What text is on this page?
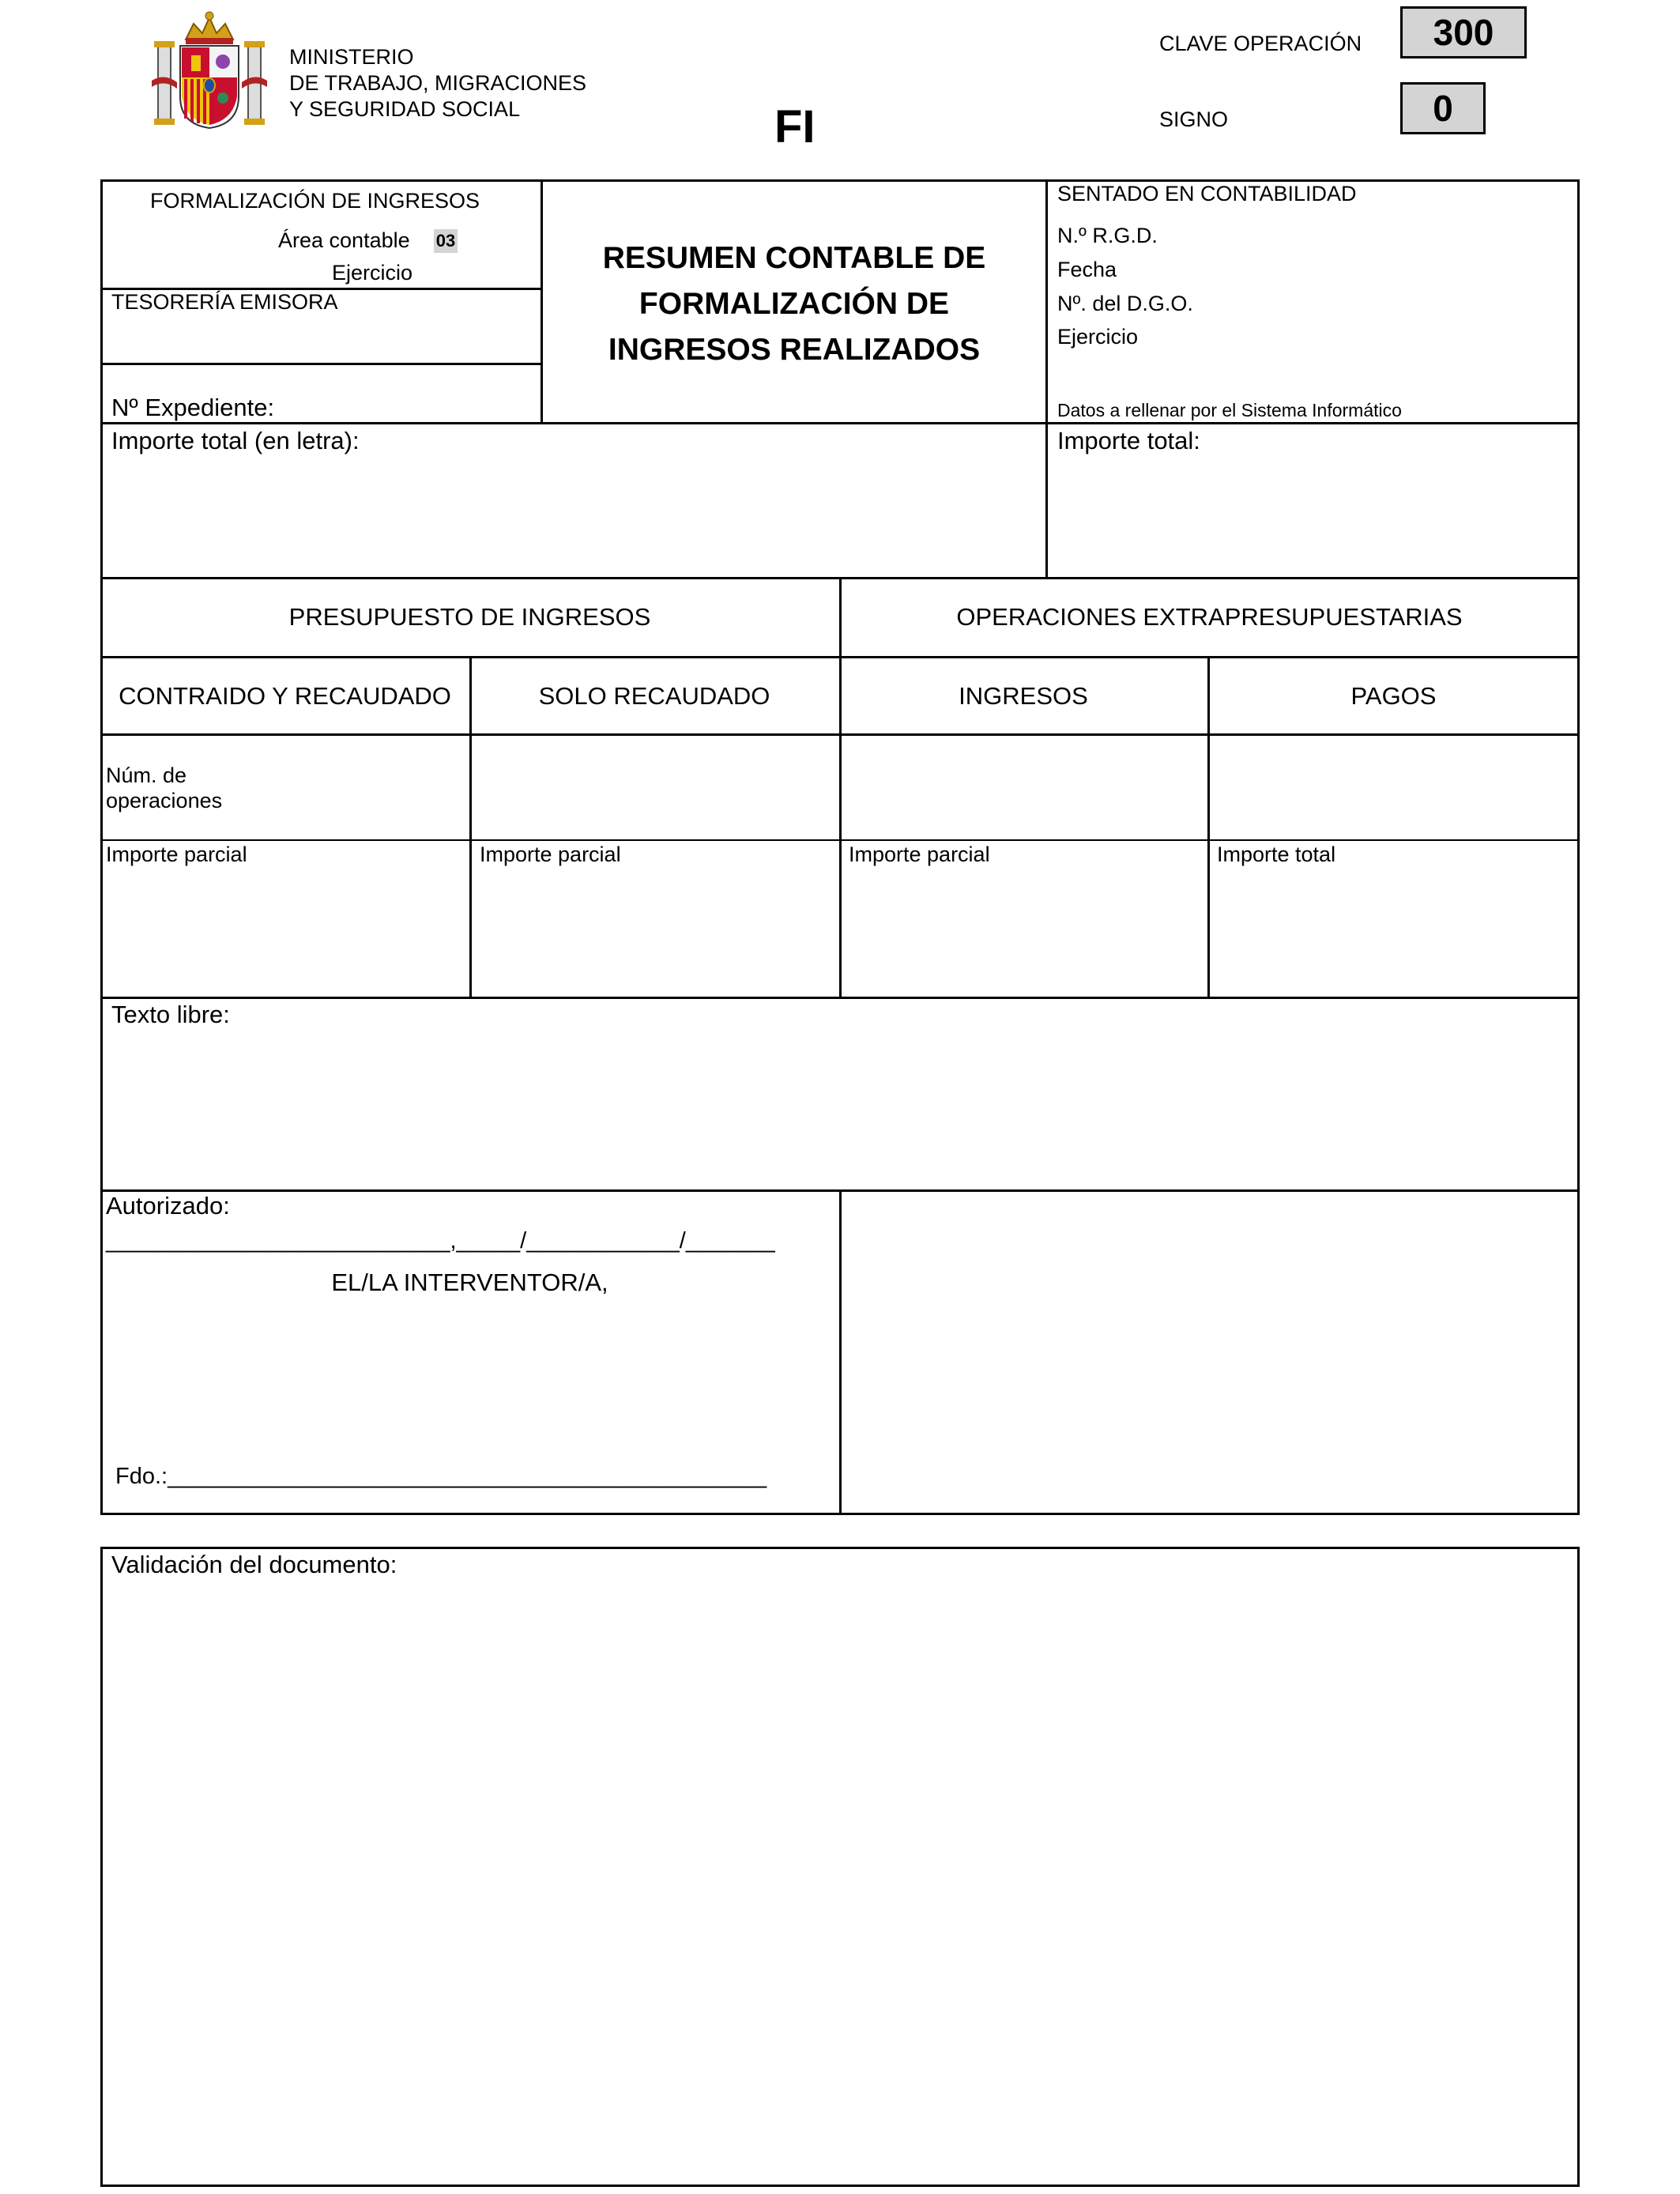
MINISTERIO
DE TRABAJO, MIGRACIONES
Y SEGURIDAD SOCIAL	FI
CLAVE OPERACIÓN	300
SIGNO	0
FORMALIZACIÓN DE INGRESOS
Área contable 03
Ejercicio
TESORERÍA EMISORA
Nº Expediente:
RESUMEN CONTABLE DE
FORMALIZACIÓN DE
INGRESOS REALIZADOS
SENTADO EN CONTABILIDAD
N.º R.G.D.
Fecha
Nº. del D.G.O.
Ejercicio
Datos a rellenar por el Sistema Informático
Importe total (en letra):	Importe total:
PRESUPUESTO DE INGRESOS	OPERACIONES EXTRAPRESUPUESTARIAS
CONTRAIDO Y RECAUDADO	SOLO RECAUDADO	INGRESOS	PAGOS
Núm. de
operaciones
Importe parcial	Importe parcial	Importe parcial	Importe total
Texto libre:
Autorizado:
___________________________,_____/____________/_______
EL/LA INTERVENTOR/A,
Fdo.:_______________________________________________
Validación del documento:
